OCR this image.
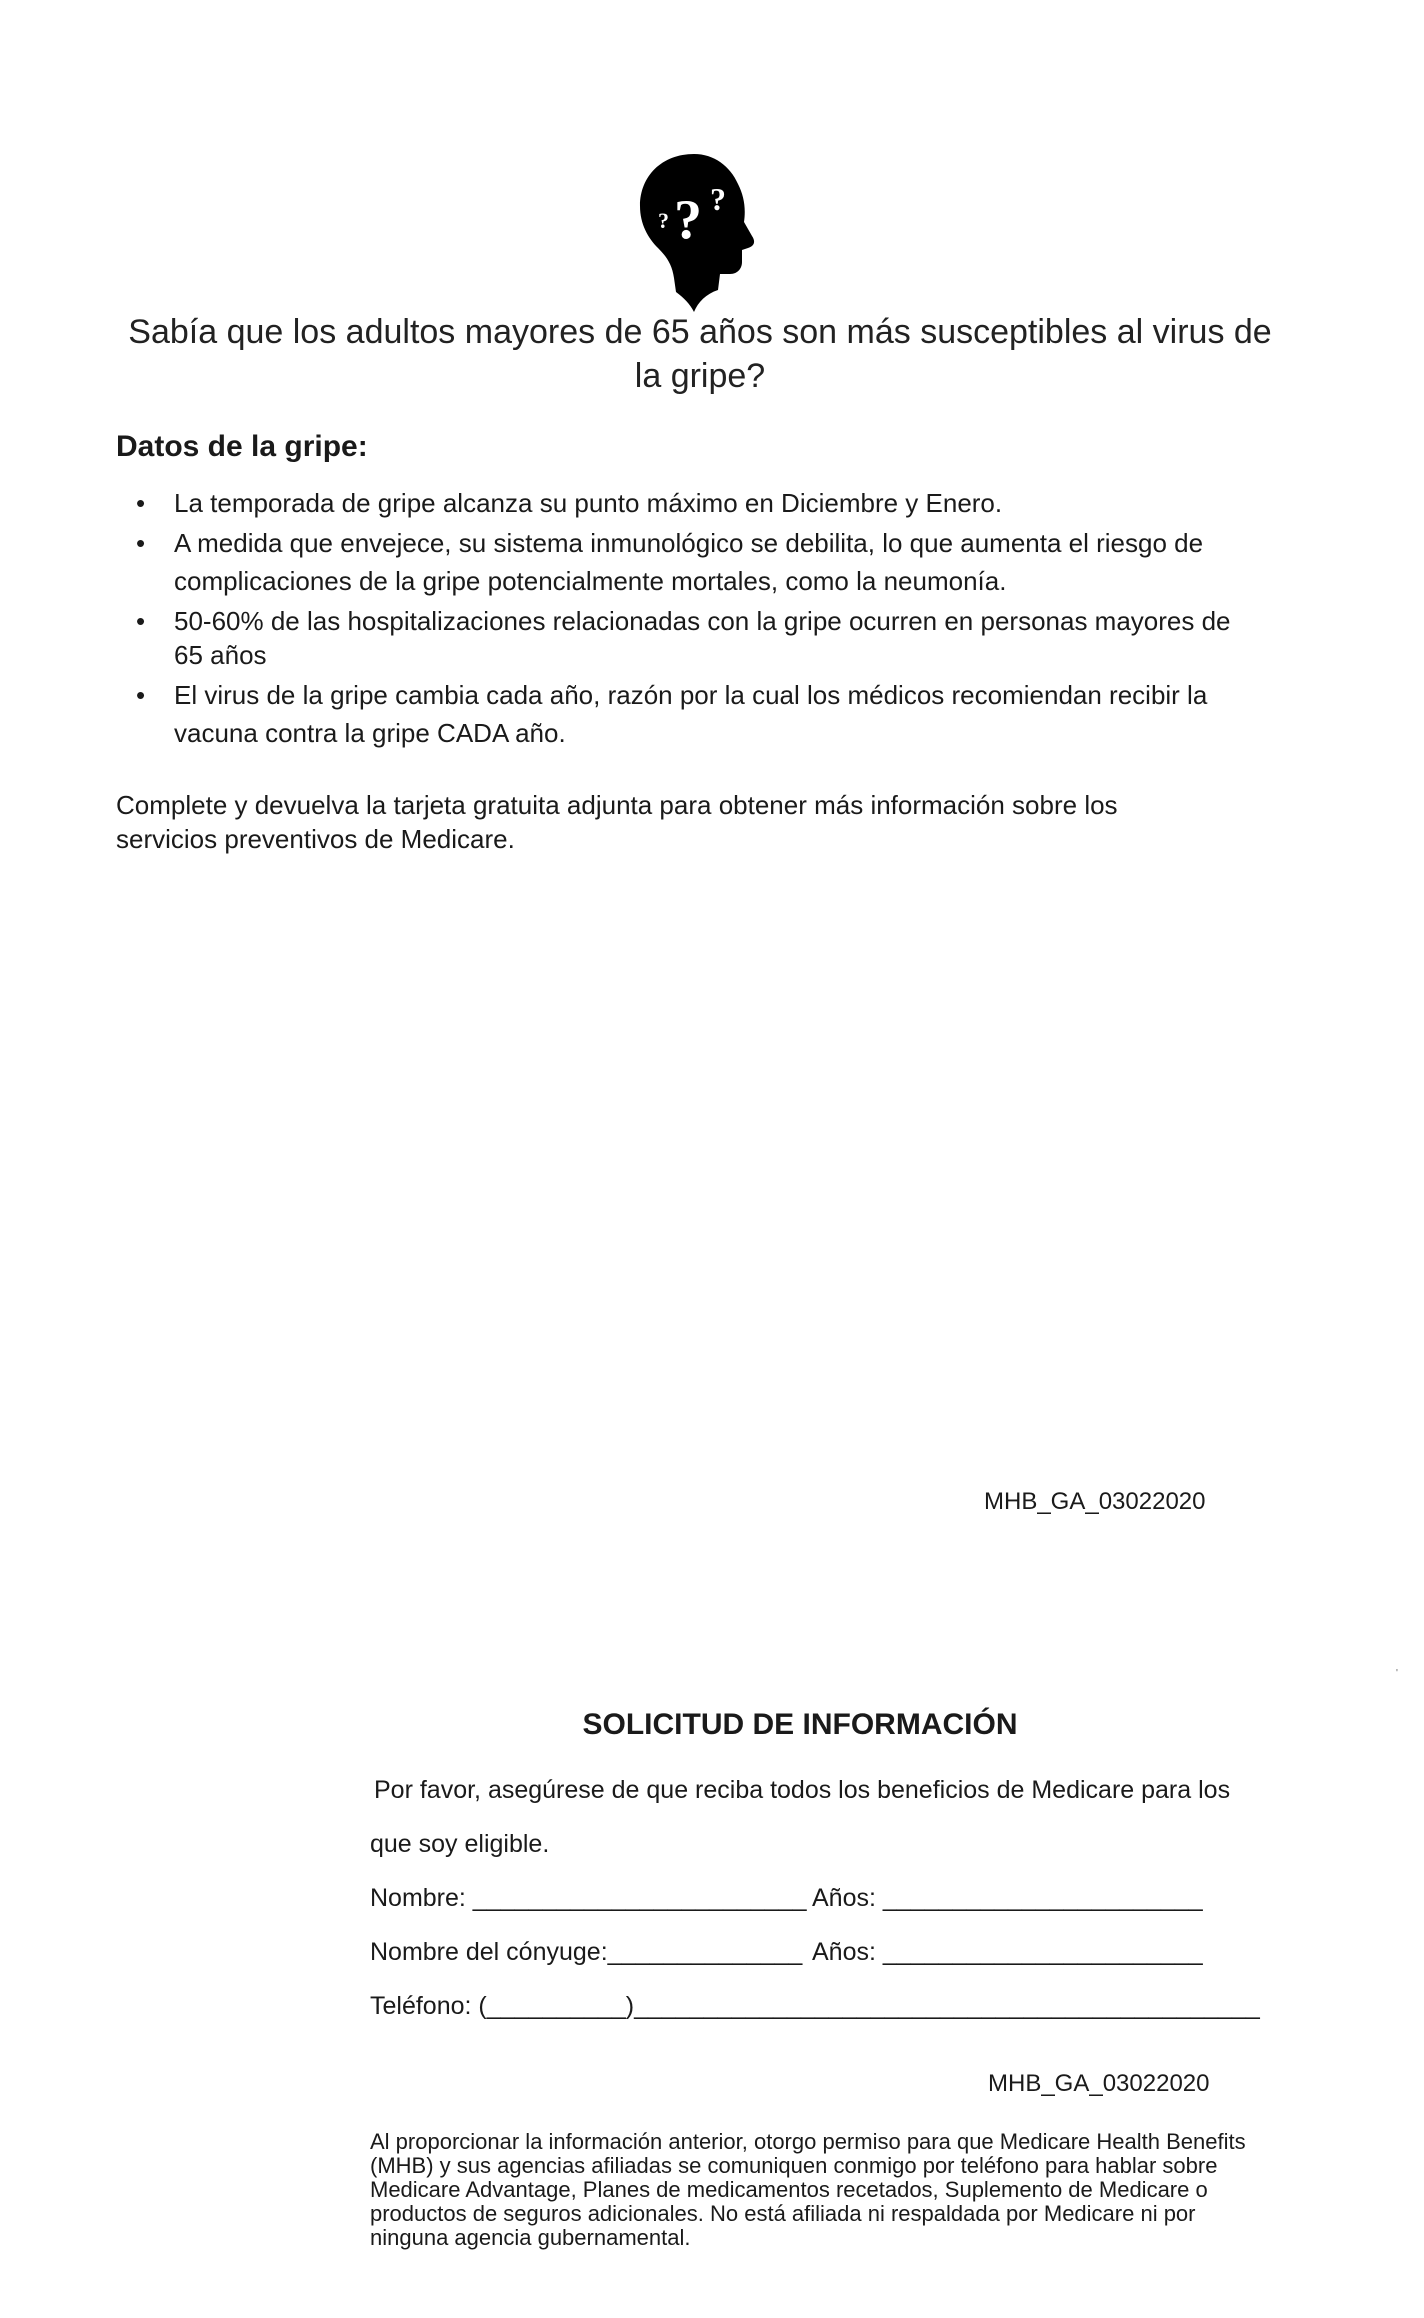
? ? ?
Sabía que los adultos mayores de 65 años son más susceptibles al virus de la gripe?
Datos de la gripe:
• La temporada de gripe alcanza su punto máximo en Diciembre y Enero.
• A medida que envejece, su sistema inmunológico se debilita, lo que aumenta el riesgo de complicaciones de la gripe potencialmente mortales, como la neumonía.
• 50-60% de las hospitalizaciones relacionadas con la gripe ocurren en personas mayores de 65 años
• El virus de la gripe cambia cada año, razón por la cual los médicos recomiendan recibir la vacuna contra la gripe CADA año.
Complete y devuelva la tarjeta gratuita adjunta para obtener más información sobre los servicios preventivos de Medicare.
MHB_GA_03022020
'
SOLICITUD DE INFORMACIÓN
Por favor, asegúrese de que reciba todos los beneficios de Medicare para los
que soy eligible.
Nombre: ________________________ Años: _______________________
Nombre del cónyuge:______________ Años: _______________________
Teléfono: (__________)_____________________________________________
MHB_GA_03022020
Al proporcionar la información anterior, otorgo permiso para que Medicare Health Benefits (MHB) y sus agencias afiliadas se comuniquen conmigo por teléfono para hablar sobre Medicare Advantage, Planes de medicamentos recetados, Suplemento de Medicare o productos de seguros adicionales. No está afiliada ni respaldada por Medicare ni por ninguna agencia gubernamental.
